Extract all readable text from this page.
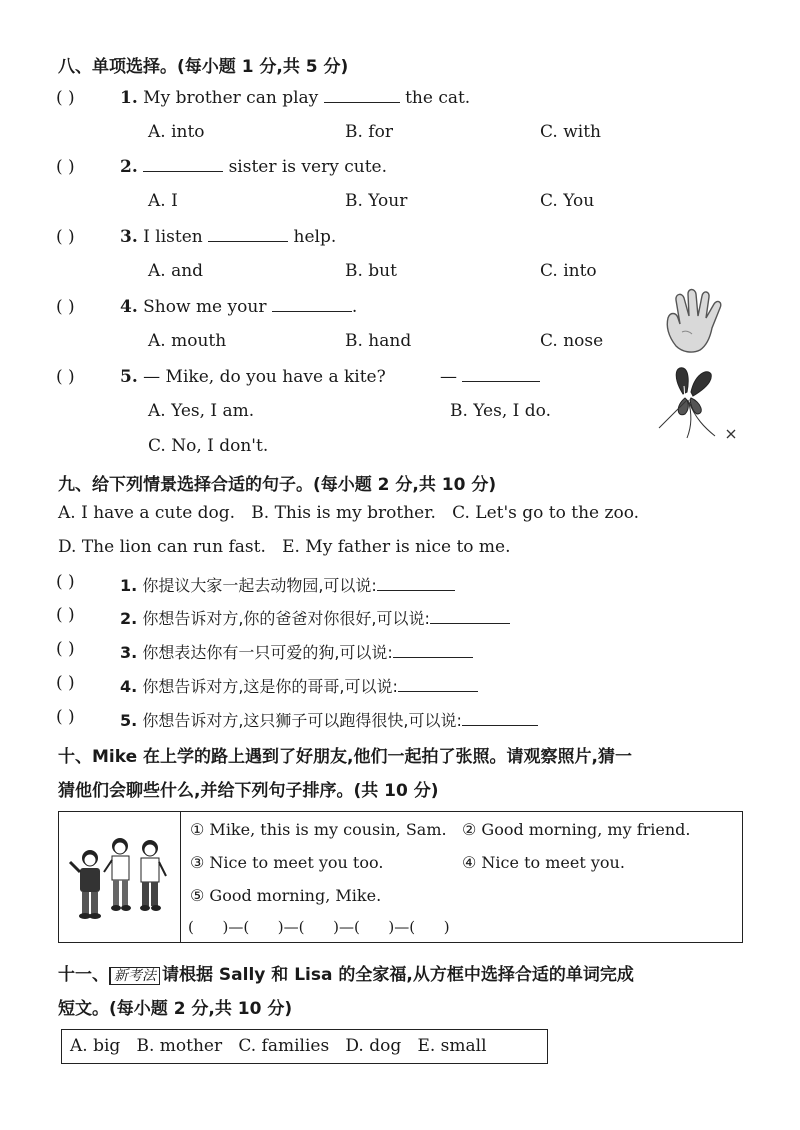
八、单项选择。(每小题 1 分,共 5 分)
( )	1. My brother can play	the cat.
A. into	B. for	C. with
( )	2.	sister is very cute.
A. I	B. Your	C. You
( )	3. I listen	help.
A. and	B. but	C. into
( )	4. Show me your	.
A. mouth	B. hand	C. nose
( )	5. — Mike, do you have a kite?	—
A. Yes, I am.	B. Yes, I do.
C. No, I don't.
九、给下列情景选择合适的句子。(每小题 2 分,共 10 分)
A. I have a cute dog.   B. This is my brother.   C. Let's go to the zoo.
D. The lion can run fast.   E. My father is nice to me.
( )	1. 你提议大家一起去动物园,可以说:
( )	2. 你想告诉对方,你的爸爸对你很好,可以说:
( )	3. 你想表达你有一只可爱的狗,可以说:
( )	4. 你想告诉对方,这是你的哥哥,可以说:
( )	5. 你想告诉对方,这只狮子可以跑得很快,可以说:
十、Mike 在上学的路上遇到了好朋友,他们一起拍了张照。请观察照片,猜一
猜他们会聊些什么,并给下列句子排序。(共 10 分)
① Mike, this is my cousin, Sam. ② Good morning, my friend.
③ Nice to meet you too.	④ Nice to meet you.
⑤ Good morning, Mike.
(      )—(      )—(      )—(      )—(      )
十一、 新考法 请根据 Sally 和 Lisa 的全家福,从方框中选择合适的单词完成
短文。(每小题 2 分,共 10 分)
A. big   B. mother   C. families   D. dog   E. small
